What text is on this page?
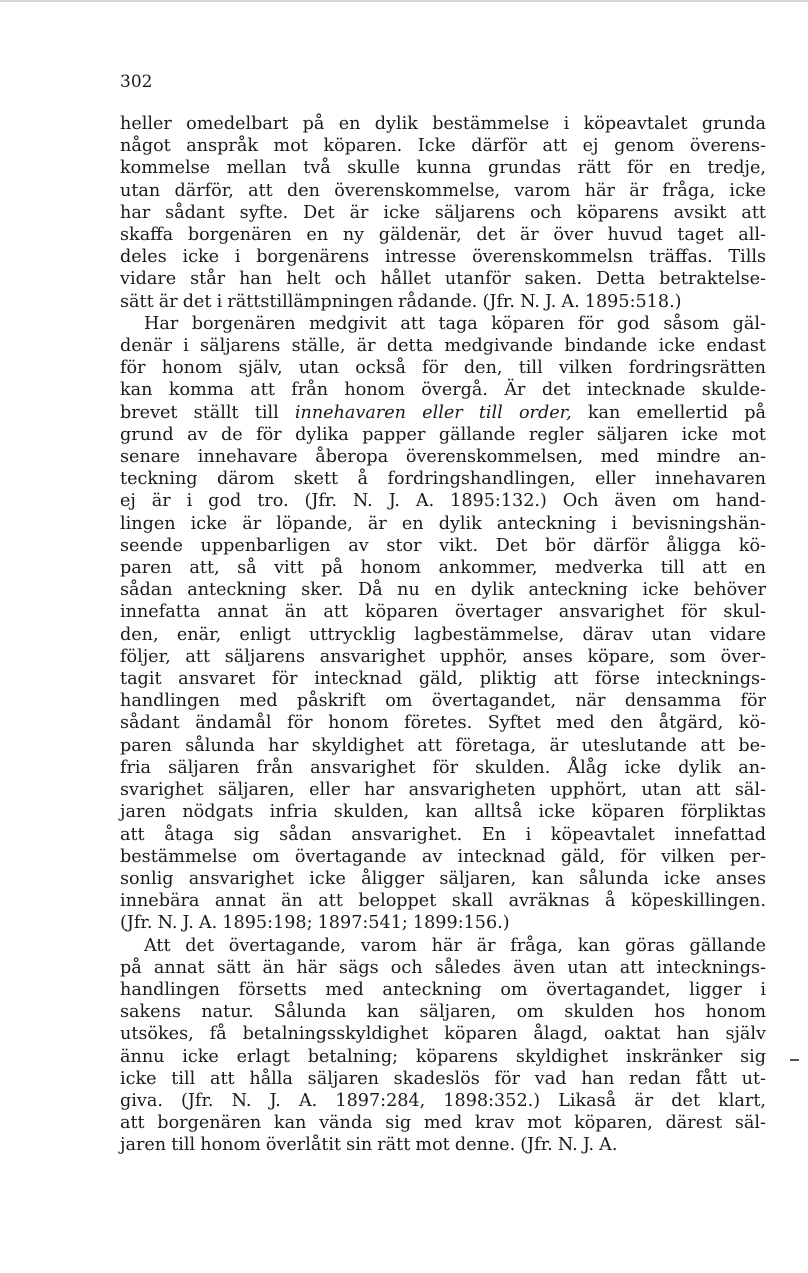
302
heller omedelbart på en dylik bestämmelse i köpeavtalet grunda
något anspråk mot köparen. Icke därför att ej genom överens-
kommelse mellan två skulle kunna grundas rätt för en tredje,
utan därför, att den överenskommelse, varom här är fråga, icke
har sådant syfte. Det är icke säljarens och köparens avsikt att
skaffa borgenären en ny gäldenär, det är över huvud taget all-
deles icke i borgenärens intresse överenskommelsn träffas. Tills
vidare står han helt och hållet utanför saken. Detta betraktelse-
sätt är det i rättstillämpningen rådande. (Jfr. N. J. A. 1895:518.)
Har borgenären medgivit att taga köparen för god såsom gäl-
denär i säljarens ställe, är detta medgivande bindande icke endast
för honom själv, utan också för den, till vilken fordringsrätten
kan komma att från honom övergå. Är det intecknade skulde-
brevet ställt till innehavaren eller till order, kan emellertid på
grund av de för dylika papper gällande regler säljaren icke mot
senare innehavare åberopa överenskommelsen, med mindre an-
teckning därom skett å fordringshandlingen, eller innehavaren
ej är i god tro. (Jfr. N. J. A. 1895:132.) Och även om hand-
lingen icke är löpande, är en dylik anteckning i bevisningshän-
seende uppenbarligen av stor vikt. Det bör därför åligga kö-
paren att, så vitt på honom ankommer, medverka till att en
sådan anteckning sker. Då nu en dylik anteckning icke behöver
innefatta annat än att köparen övertager ansvarighet för skul-
den, enär, enligt uttrycklig lagbestämmelse, därav utan vidare
följer, att säljarens ansvarighet upphör, anses köpare, som över-
tagit ansvaret för intecknad gäld, pliktig att förse intecknings-
handlingen med påskrift om övertagandet, när densamma för
sådant ändamål för honom företes. Syftet med den åtgärd, kö-
paren sålunda har skyldighet att företaga, är uteslutande att be-
fria säljaren från ansvarighet för skulden. Ålåg icke dylik an-
svarighet säljaren, eller har ansvarigheten upphört, utan att säl-
jaren nödgats infria skulden, kan alltså icke köparen förpliktas
att åtaga sig sådan ansvarighet. En i köpeavtalet innefattad
bestämmelse om övertagande av intecknad gäld, för vilken per-
sonlig ansvarighet icke åligger säljaren, kan sålunda icke anses
innebära annat än att beloppet skall avräknas å köpeskillingen.
(Jfr. N. J. A. 1895:198; 1897:541; 1899:156.)
Att det övertagande, varom här är fråga, kan göras gällande
på annat sätt än här sägs och således även utan att intecknings-
handlingen försetts med anteckning om övertagandet, ligger i
sakens natur. Sålunda kan säljaren, om skulden hos honom
utsökes, få betalningsskyldighet köparen ålagd, oaktat han själv
ännu icke erlagt betalning; köparens skyldighet inskränker sig
icke till att hålla säljaren skadeslös för vad han redan fått ut-
giva. (Jfr. N. J. A. 1897:284, 1898:352.) Likaså är det klart,
att borgenären kan vända sig med krav mot köparen, därest säl-
jaren till honom överlåtit sin rätt mot denne. (Jfr. N. J. A.
